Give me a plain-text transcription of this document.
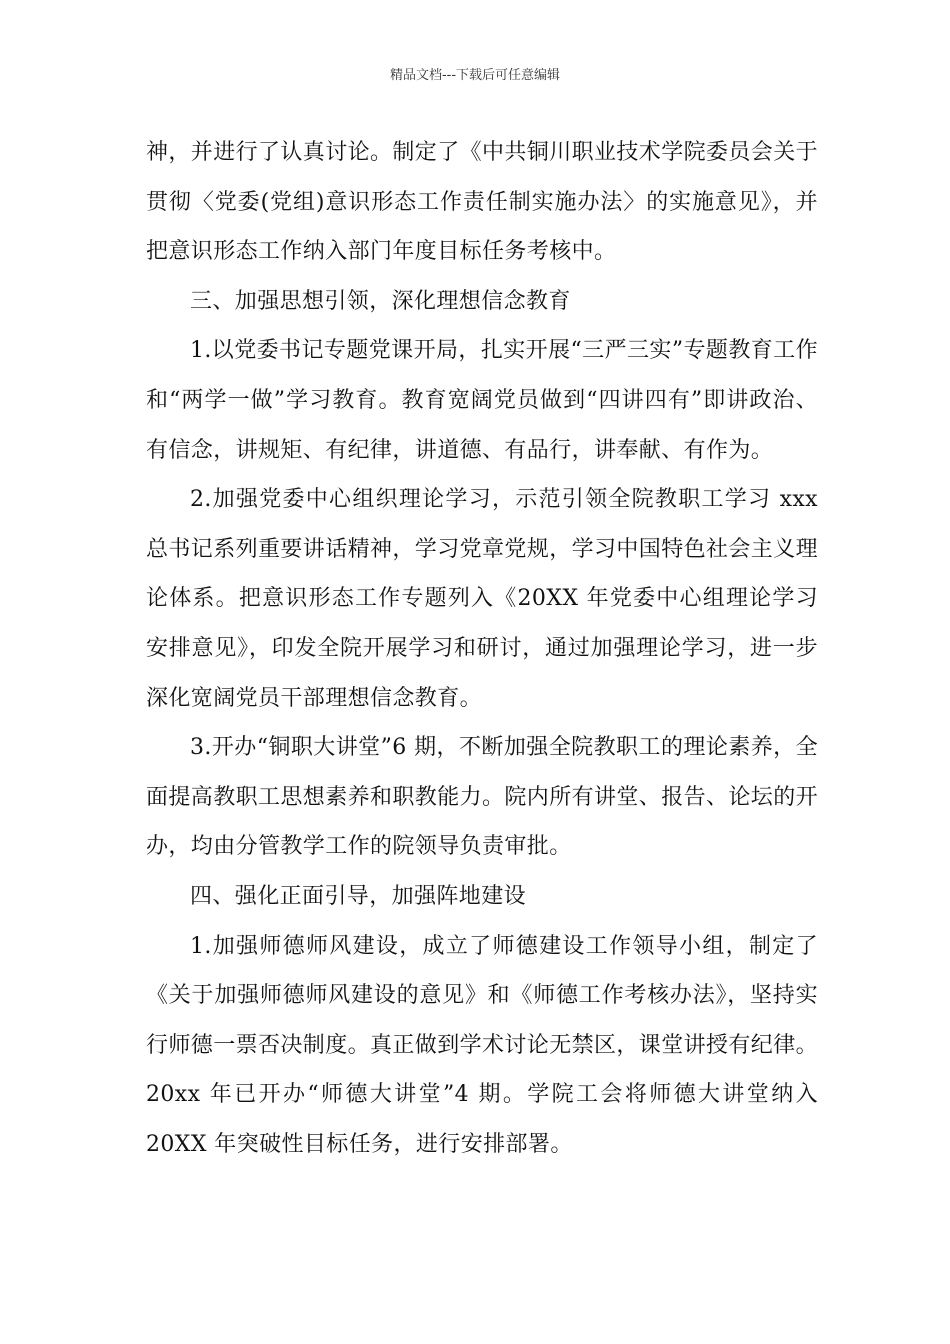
精品文档---下载后可任意编辑

神，并进行了认真讨论。制定了《中共铜川职业技术学院委员会关于贯彻〈党委(党组)意识形态工作责任制实施办法〉的实施意见》，并把意识形态工作纳入部门年度目标任务考核中。

三、加强思想引领，深化理想信念教育

1.以党委书记专题党课开局，扎实开展“三严三实”专题教育工作和“两学一做”学习教育。教育宽阔党员做到“四讲四有”即讲政治、有信念，讲规矩、有纪律，讲道德、有品行，讲奉献、有作为。

2.加强党委中心组织理论学习，示范引领全院教职工学习 xxx 总书记系列重要讲话精神，学习党章党规，学习中国特色社会主义理论体系。把意识形态工作专题列入《20XX 年党委中心组理论学习安排意见》，印发全院开展学习和研讨，通过加强理论学习，进一步深化宽阔党员干部理想信念教育。

3.开办“铜职大讲堂”6 期，不断加强全院教职工的理论素养，全面提高教职工思想素养和职教能力。院内所有讲堂、报告、论坛的开办，均由分管教学工作的院领导负责审批。

四、强化正面引导，加强阵地建设

1.加强师德师风建设，成立了师德建设工作领导小组，制定了《关于加强师德师风建设的意见》和《师德工作考核办法》，坚持实行师德一票否决制度。真正做到学术讨论无禁区，课堂讲授有纪律。20xx 年已开办“师德大讲堂”4 期。学院工会将师德大讲堂纳入 20XX 年突破性目标任务，进行安排部署。
